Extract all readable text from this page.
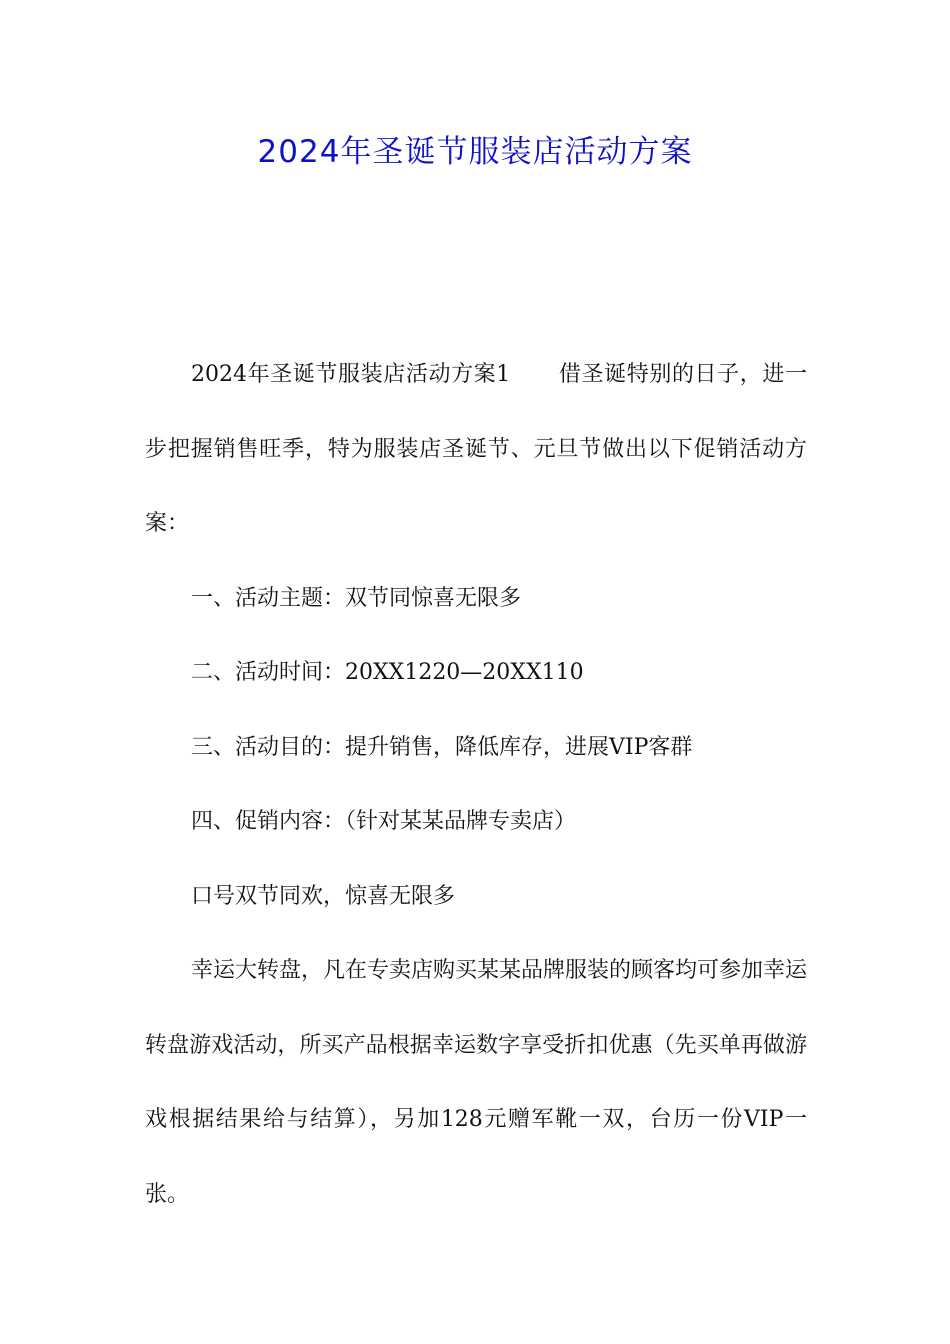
2024年圣诞节服装店活动方案

2024年圣诞节服装店活动方案1 借圣诞特别的日子，进一步把握销售旺季，特为服装店圣诞节、元旦节做出以下促销活动方案：

一、活动主题：双节同惊喜无限多

二、活动时间：20XX1220—20XX110

三、活动目的：提升销售，降低库存，进展VIP客群

四、促销内容：（针对某某品牌专卖店）

口号双节同欢，惊喜无限多

幸运大转盘，凡在专卖店购买某某品牌服装的顾客均可参加幸运转盘游戏活动，所买产品根据幸运数字享受折扣优惠（先买单再做游戏根据结果给与结算），另加128元赠军靴一双，台历一份VIP一张。
